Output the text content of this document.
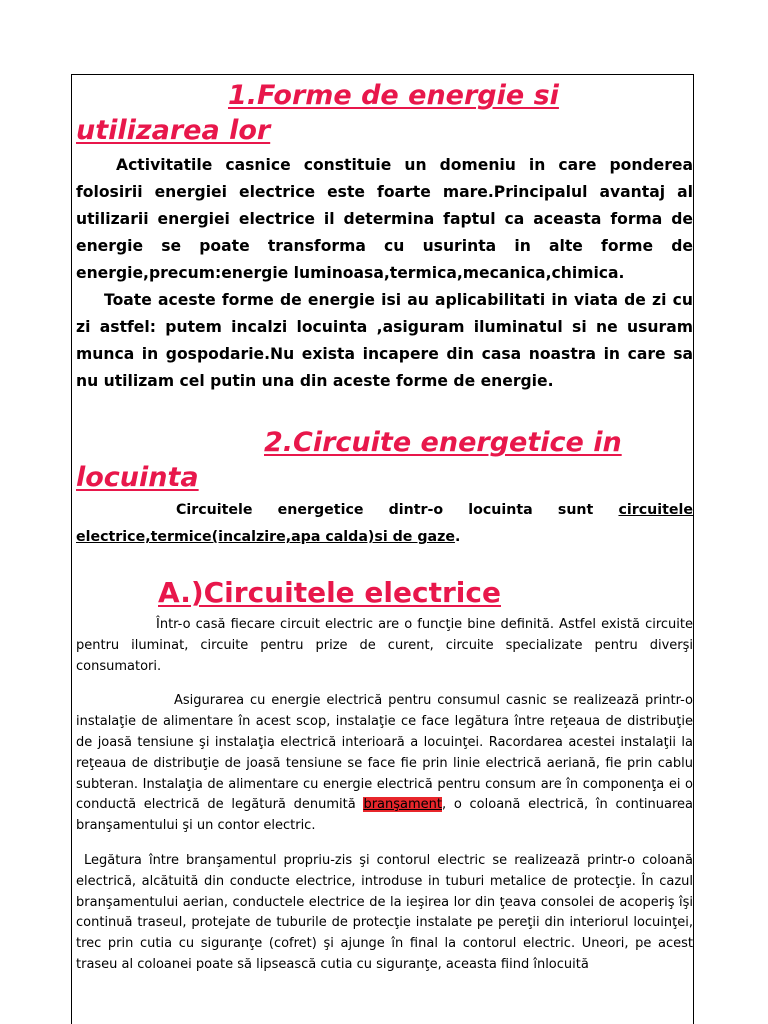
1.Forme de energie si
utilizarea lor

Activitatile casnice constituie un domeniu in care ponderea folosirii energiei electrice este foarte mare.Principalul avantaj al utilizarii energiei electrice il determina faptul ca aceasta forma de energie se poate transforma cu usurinta in alte forme de energie,precum:energie luminoasa,termica,mecanica,chimica.

Toate aceste forme de energie isi au aplicabilitati in viata de zi cu zi astfel: putem incalzi locuinta ,asiguram iluminatul si ne usuram munca in gospodarie.Nu exista incapere din casa noastra in care sa nu utilizam cel putin una din aceste forme de energie.

2.Circuite energetice in
locuinta

Circuitele energetice dintr-o locuinta sunt circuitele electrice,termice(incalzire,apa calda)si de gaze.

A.)Circuitele electrice

Într-o casă fiecare circuit electric are o funcţie bine definită. Astfel există circuite pentru iluminat, circuite pentru prize de curent, circuite specializate pentru diverşi consumatori.

Asigurarea cu energie electrică pentru consumul casnic se realizează printr-o instalaţie de alimentare în acest scop, instalaţie ce face legătura între reţeaua de distribuţie de joasă tensiune şi instalaţia electrică interioară a locuinţei. Racordarea acestei instalaţii la reţeaua de distribuţie de joasă tensiune se face fie prin linie electrică aeriană, fie prin cablu subteran. Instalaţia de alimentare cu energie electrică pentru consum are în componenţa ei o conductă electrică de legătură denumită branşament, o coloană electrică, în continuarea branşamentului şi un contor electric.

Legătura între branşamentul propriu-zis şi contorul electric se realizează printr-o coloană electrică, alcătuită din conducte electrice, introduse in tuburi metalice de protecţie. În cazul branşamentului aerian, conductele electrice de la ieşirea lor din ţeava consolei de acoperiş îşi continuă traseul, protejate de tuburile de protecţie instalate pe pereţii din interiorul locuinţei, trec prin cutia cu siguranţe (cofret) şi ajunge în final la contorul electric. Uneori, pe acest traseu al coloanei poate să lipsească cutia cu siguranţe, aceasta fiind înlocuită
